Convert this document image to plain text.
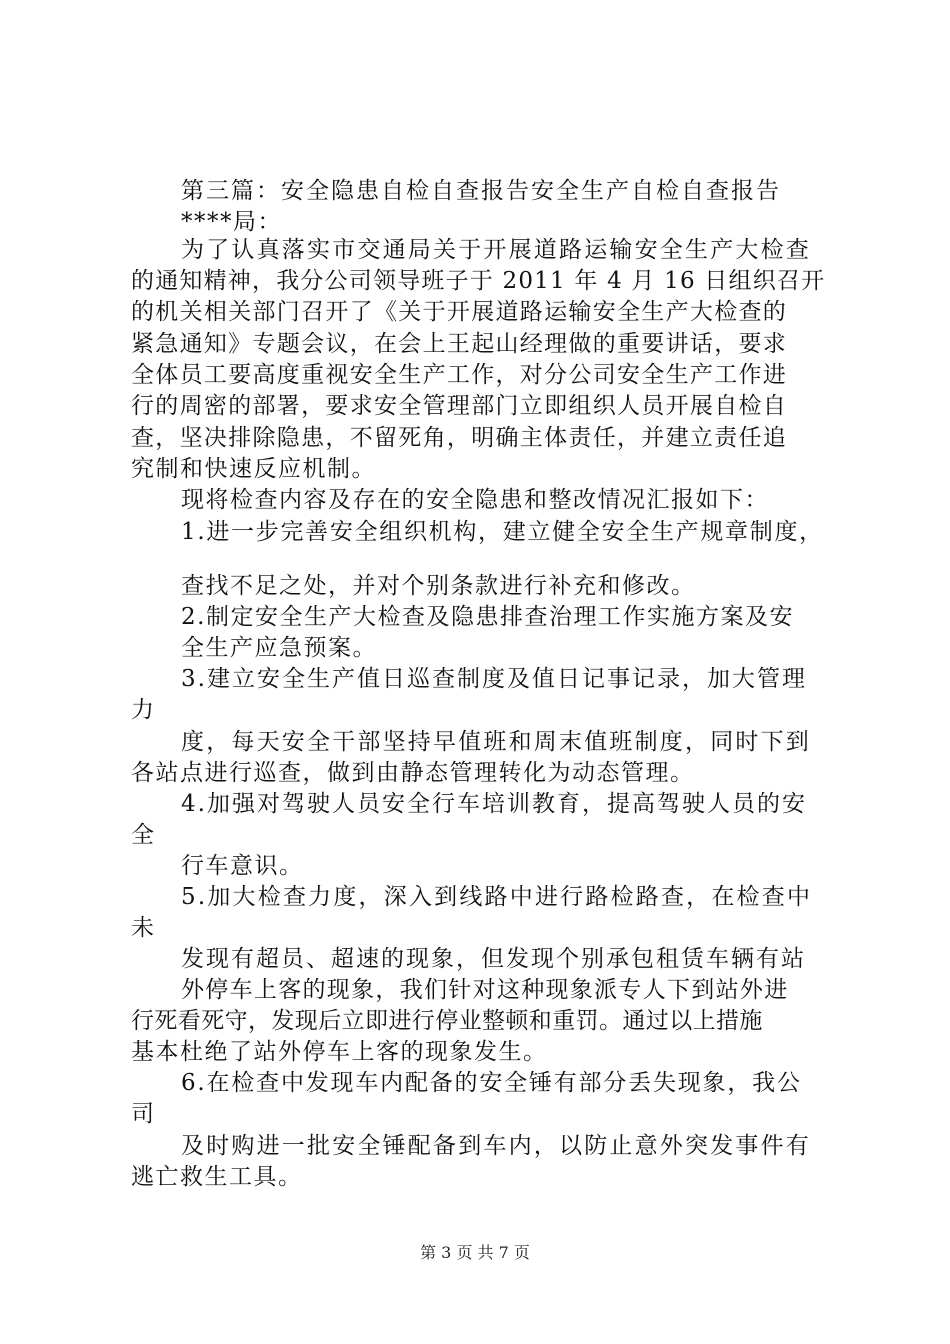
第三篇：安全隐患自检自查报告安全生产自检自查报告

****局：

为了认真落实市交通局关于开展道路运输安全生产大检查

的通知精神，我分公司领导班子于 2011 年 4 月 16 日组织召开

的机关相关部门召开了《关于开展道路运输安全生产大检查的

紧急通知》专题会议，在会上王起山经理做的重要讲话，要求

全体员工要高度重视安全生产工作，对分公司安全生产工作进

行的周密的部署，要求安全管理部门立即组织人员开展自检自

查，坚决排除隐患，不留死角，明确主体责任，并建立责任追

究制和快速反应机制。

现将检查内容及存在的安全隐患和整改情况汇报如下：

1.进一步完善安全组织机构，建立健全安全生产规章制度，

查找不足之处，并对个别条款进行补充和修改。

2.制定安全生产大检查及隐患排查治理工作实施方案及安

全生产应急预案。

3.建立安全生产值日巡查制度及值日记事记录，加大管理

力

度，每天安全干部坚持早值班和周末值班制度，同时下到

各站点进行巡查，做到由静态管理转化为动态管理。

4.加强对驾驶人员安全行车培训教育，提高驾驶人员的安

全

行车意识。

5.加大检查力度，深入到线路中进行路检路查，在检查中

未

发现有超员、超速的现象，但发现个别承包租赁车辆有站

外停车上客的现象，我们针对这种现象派专人下到站外进

行死看死守，发现后立即进行停业整顿和重罚。通过以上措施

基本杜绝了站外停车上客的现象发生。

6.在检查中发现车内配备的安全锤有部分丢失现象，我公

司

及时购进一批安全锤配备到车内，以防止意外突发事件有

逃亡救生工具。

第 3 页 共 7 页
